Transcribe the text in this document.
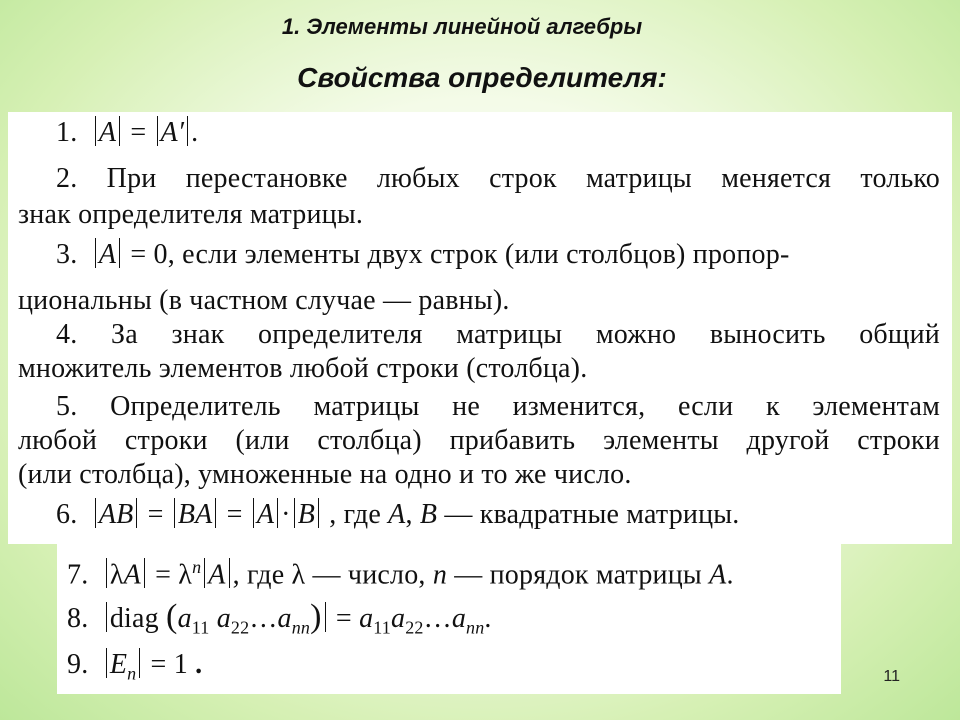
1. Элементы линейной алгебры
Свойства определителя:
1. A = A′ .
2. При перестановке любых строк матрицы меняется только
знак определителя матрицы.
3. A = 0, если элементы двух строк (или столбцов) пропор-
циональны (в частном случае — равны).
4. За знак определителя матрицы можно выносить общий
множитель элементов любой строки (столбца).
5. Определитель матрицы не изменится, если к элементам
любой строки (или столбца) прибавить элементы другой строки
(или столбца), умноженные на одно и то же число.
6. AB = BA = A · B , где A, B — квадратные матрицы.
7. $\lambda A = \lambda^n$ A , где λ — число, n — порядок матрицы A.
8. diag ($a_{11}$ $a_{22}\dots a_{nn}$) = $a_{11}a_{22}\dots a_{nn}$.
9. $E_n = 1$ .	11
